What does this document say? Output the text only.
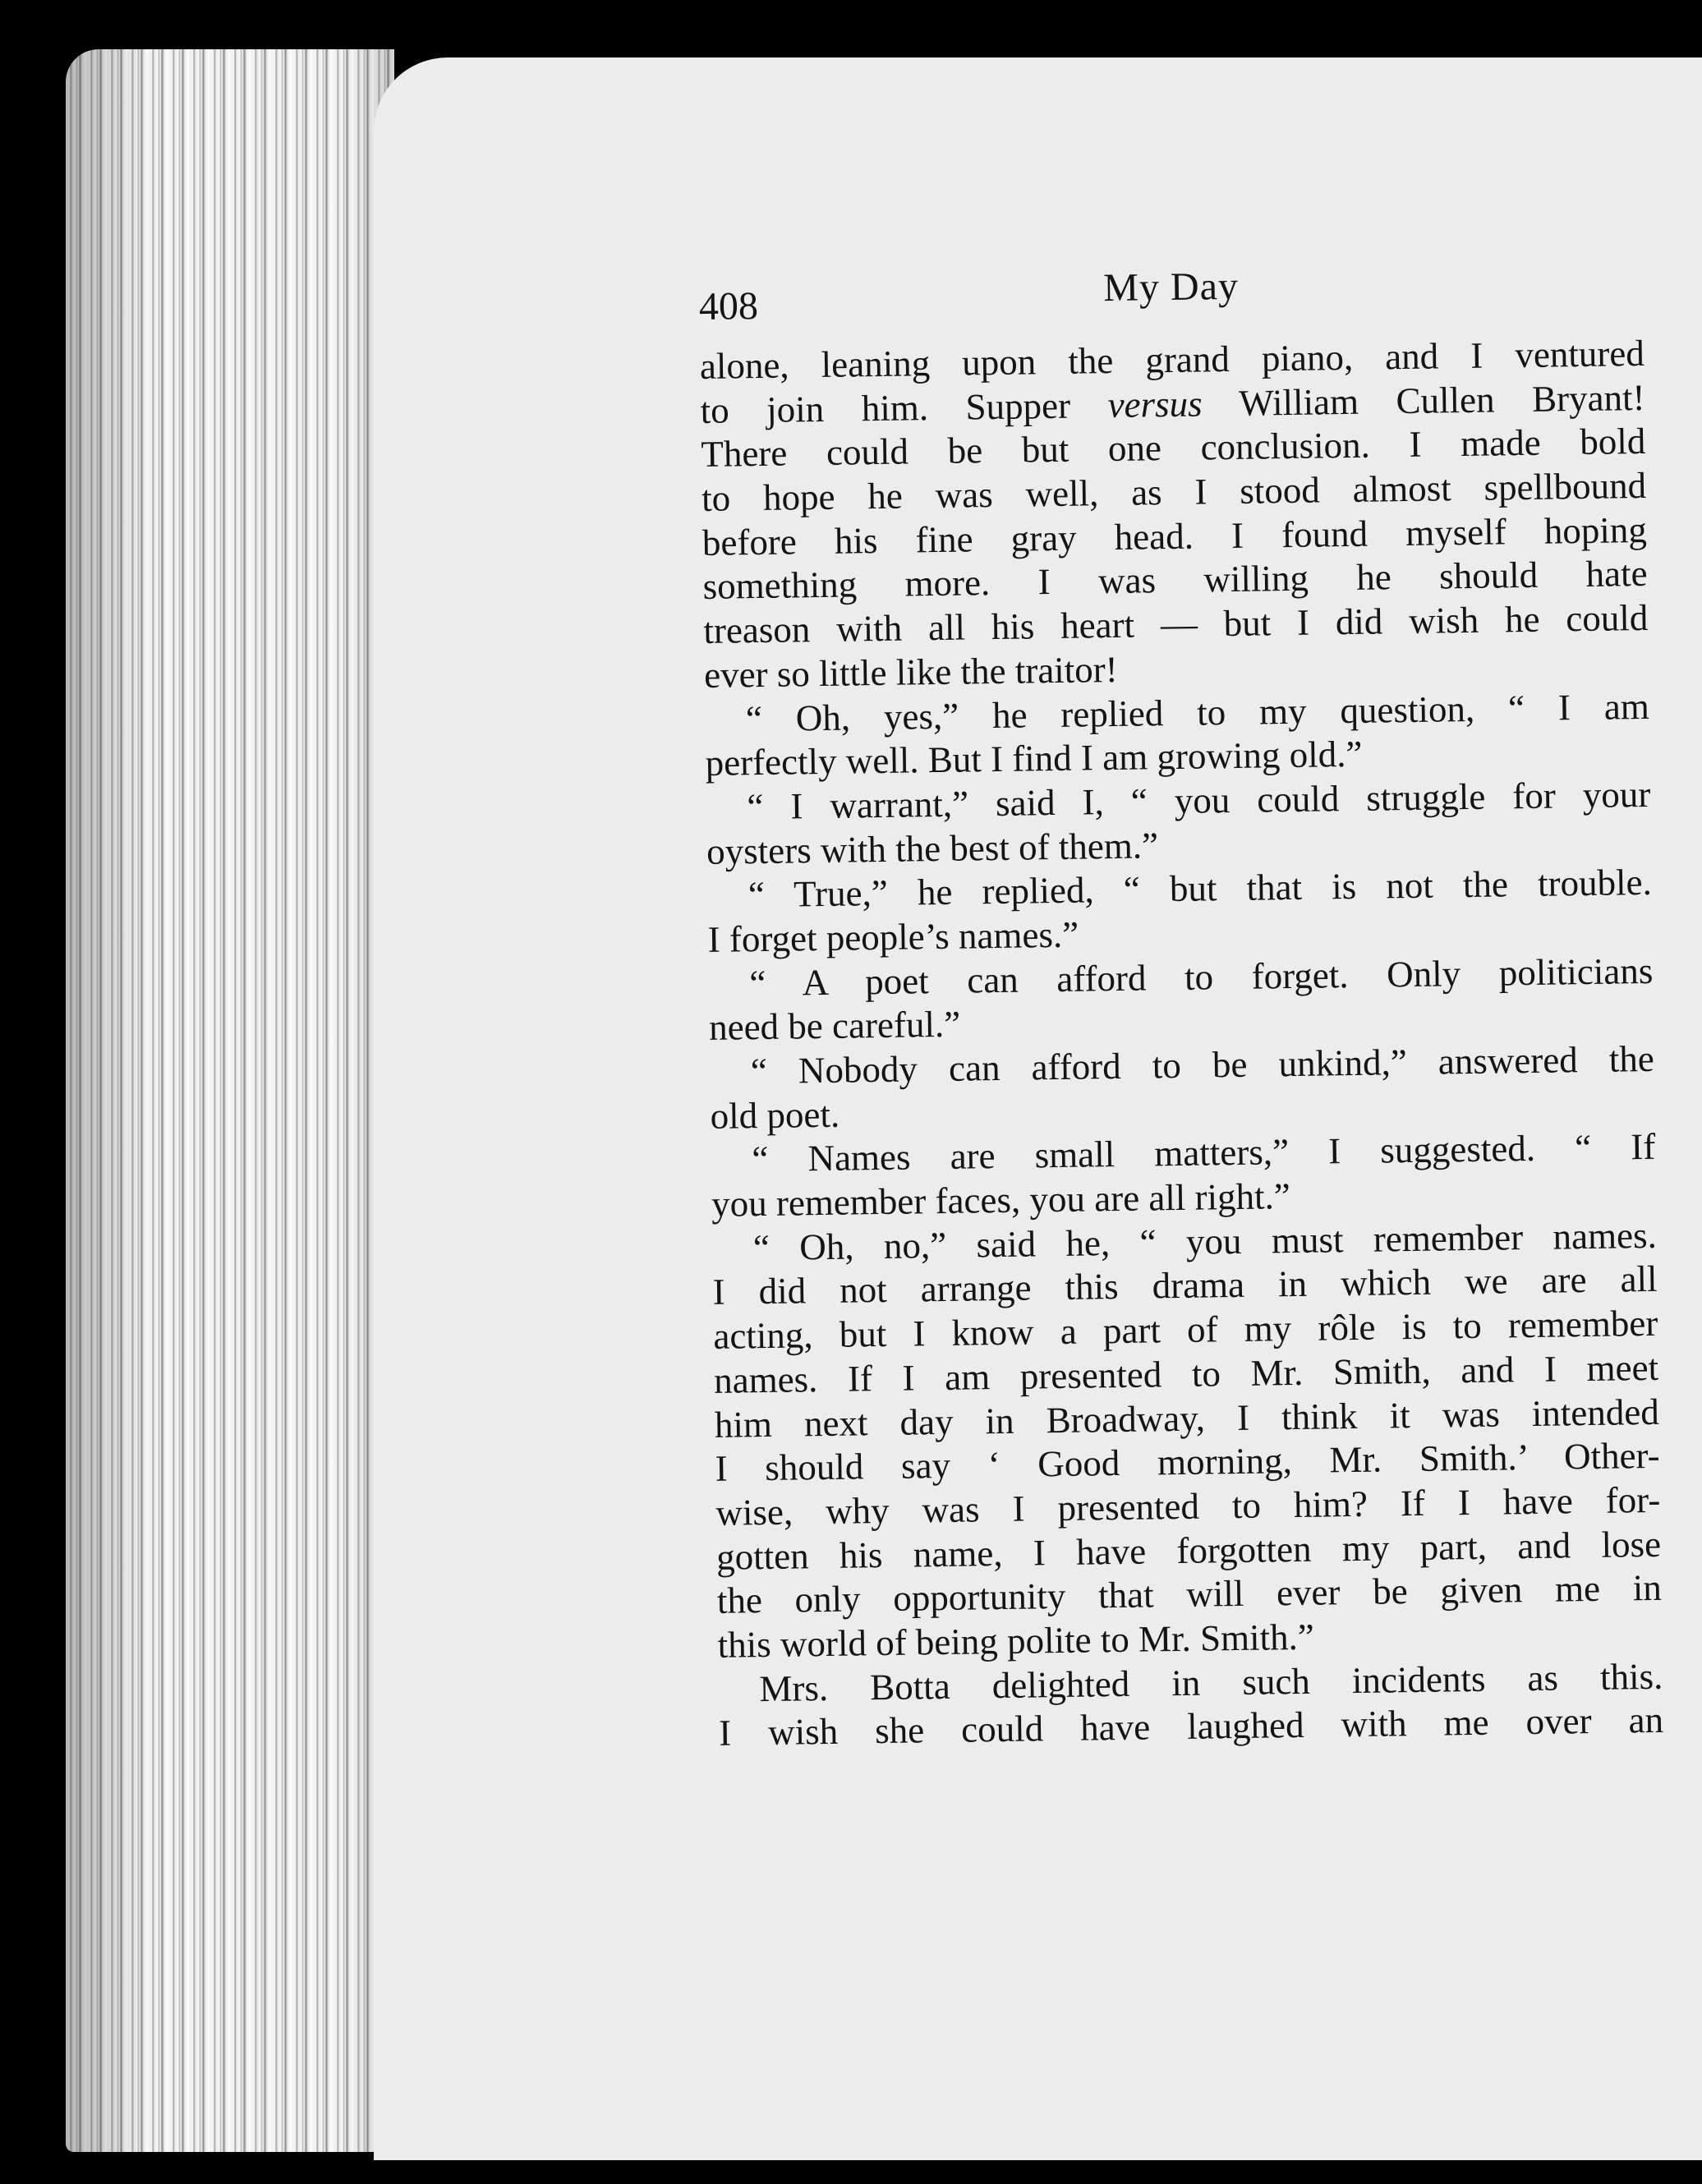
408	My Day
alone, leaning upon the grand piano, and I ventured
to join him. Supper versus William Cullen Bryant!
There could be but one conclusion. I made bold
to hope he was well, as I stood almost spellbound
before his fine gray head. I found myself hoping
something more. I was willing he should hate
treason with all his heart — but I did wish he could
ever so little like the traitor!
“ Oh, yes,” he replied to my question, “ I am
perfectly well. But I find I am growing old.”
“ I warrant,” said I, “ you could struggle for your
oysters with the best of them.”
“ True,” he replied, “ but that is not the trouble.
I forget people’s names.”
“ A poet can afford to forget. Only politicians
need be careful.”
“ Nobody can afford to be unkind,” answered the
old poet.
“ Names are small matters,” I suggested. “ If
you remember faces, you are all right.”
“ Oh, no,” said he, “ you must remember names.
I did not arrange this drama in which we are all
acting, but I know a part of my rôle is to remember
names. If I am presented to Mr. Smith, and I meet
him next day in Broadway, I think it was intended
I should say ‘ Good morning, Mr. Smith.’ Other-
wise, why was I presented to him? If I have for-
gotten his name, I have forgotten my part, and lose
the only opportunity that will ever be given me in
this world of being polite to Mr. Smith.”
Mrs. Botta delighted in such incidents as this.
I wish she could have laughed with me over an
